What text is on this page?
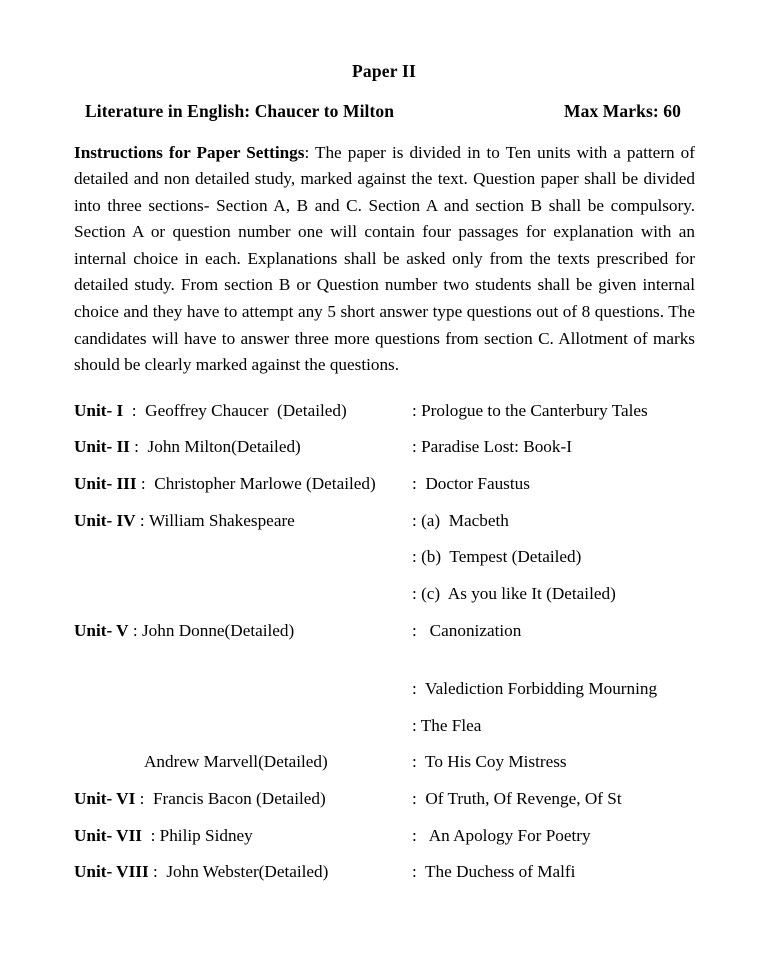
Paper II
Literature in English: Chaucer to Milton	Max Marks: 60

Instructions for Paper Settings: The paper is divided in to Ten units with a pattern of detailed and non detailed study, marked against the text. Question paper shall be divided into three sections- Section A, B and C. Section A and section B shall be compulsory. Section A or question number one will contain four passages for explanation with an internal choice in each. Explanations shall be asked only from the texts prescribed for detailed study. From section B or Question number two students shall be given internal choice and they have to attempt any 5 short answer type questions out of 8 questions. The candidates will have to answer three more questions from section C. Allotment of marks should be clearly marked against the questions.

Unit- I : Geoffrey Chaucer  (Detailed)	: Prologue to the Canterbury Tales
Unit- II : John Milton(Detailed)	: Paradise Lost: Book-I
Unit- III : Christopher Marlowe (Detailed) :  Doctor Faustus
Unit- IV : William Shakespeare	: (a)  Macbeth
: (b)  Tempest (Detailed)
: (c)  As you like It (Detailed)
Unit- V : John Donne(Detailed)	:   Canonization
:  Valediction Forbidding Mourning
: The Flea
Andrew Marvell(Detailed)	:  To His Coy Mistress
Unit- VI : Francis Bacon (Detailed)	:  Of Truth, Of Revenge, Of St
Unit- VII : Philip Sidney	:   An Apology For Poetry
Unit- VIII : John Webster(Detailed)	:  The Duchess of Malfi
